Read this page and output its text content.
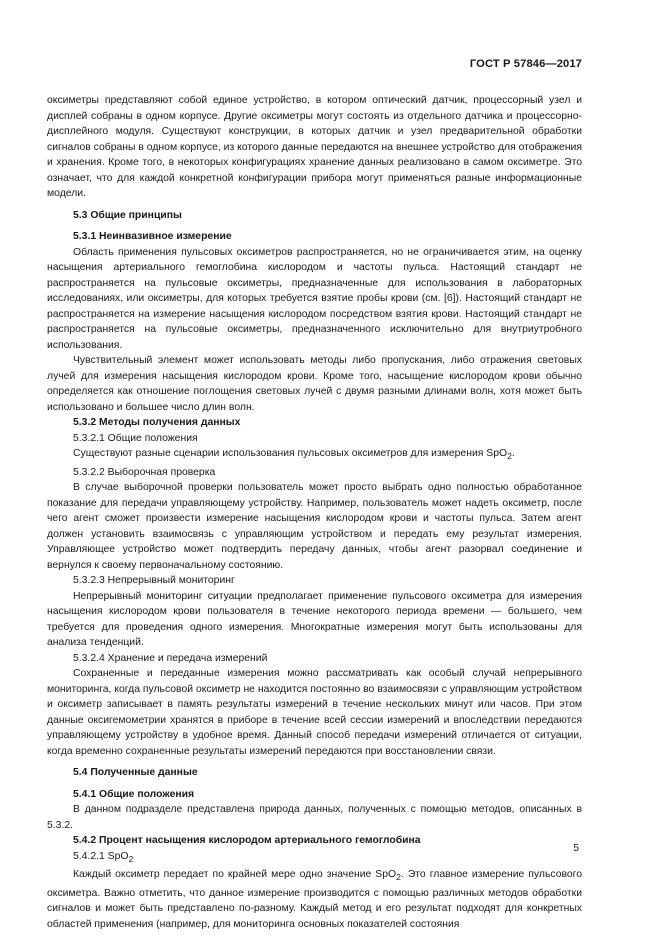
ГОСТ Р 57846—2017

оксиметры представляют собой единое устройство, в котором оптический датчик, процессорный узел и дисплей собраны в одном корпусе. Другие оксиметры могут состоять из отдельного датчика и процессорно-дисплейного модуля. Существуют конструкции, в которых датчик и узел предварительной обработки сигналов собраны в одном корпусе, из которого данные передаются на внешнее устройство для отображения и хранения. Кроме того, в некоторых конфигурациях хранение данных реализовано в самом оксиметре. Это означает, что для каждой конкретной конфигурации прибора могут применяться разные информационные модели.

5.3 Общие принципы

5.3.1 Неинвазивное измерение

Область применения пульсовых оксиметров распространяется, но не ограничивается этим, на оценку насыщения артериального гемоглобина кислородом и частоты пульса. Настоящий стандарт не распространяется на пульсовые оксиметры, предназначенные для использования в лабораторных исследованиях, или оксиметры, для которых требуется взятие пробы крови (см. [6]). Настоящий стандарт не распространяется на измерение насыщения кислородом посредством взятия крови. Настоящий стандарт не распространяется на пульсовые оксиметры, предназначенного исключительно для внутриутробного использования.

Чувствительный элемент может использовать методы либо пропускания, либо отражения световых лучей для измерения насыщения кислородом крови. Кроме того, насыщение кислородом крови обычно определяется как отношение поглощения световых лучей с двумя разными длинами волн, хотя может быть использовано и большее число длин волн.

5.3.2 Методы получения данных

5.3.2.1 Общие положения

Существуют разные сценарии использования пульсовых оксиметров для измерения SpO$_2$.

5.3.2.2 Выборочная проверка

В случае выборочной проверки пользователь может просто выбрать одно полностью обработанное показание для передачи управляющему устройству. Например, пользователь может надеть оксиметр, после чего агент сможет произвести измерение насыщения кислородом крови и частоты пульса. Затем агент должен установить взаимосвязь с управляющим устройством и передать ему результат измерения. Управляющее устройство может подтвердить передачу данных, чтобы агент разорвал соединение и вернулся к своему первоначальному состоянию.

5.3.2.3 Непрерывный мониторинг

Непрерывный мониторинг ситуации предполагает применение пульсового оксиметра для измерения насыщения кислородом крови пользователя в течение некоторого периода времени — большего, чем требуется для проведения одного измерения. Многократные измерения могут быть использованы для анализа тенденций.

5.3.2.4 Хранение и передача измерений

Сохраненные и переданные измерения можно рассматривать как особый случай непрерывного мониторинга, когда пульсовой оксиметр не находится постоянно во взаимосвязи с управляющим устройством и оксиметр записывает в память результаты измерений в течение нескольких минут или часов. При этом данные оксигемометрии хранятся в приборе в течение всей сессии измерений и впоследствии передаются управляющему устройству в удобное время. Данный способ передачи измерений отличается от ситуации, когда временно сохраненные результаты измерений передаются при восстановлении связи.

5.4 Полученные данные

5.4.1 Общие положения

В данном подразделе представлена природа данных, полученных с помощью методов, описанных в 5.3.2.

5.4.2 Процент насыщения кислородом артериального гемоглобина

5.4.2.1 SpO$_2$

Каждый оксиметр передает по крайней мере одно значение SpO$_2$. Это главное измерение пульсового оксиметра. Важно отметить, что данное измерение производится с помощью различных методов обработки сигналов и может быть представлено по-разному. Каждый метод и его результат подходят для конкретных областей применения (например, для мониторинга основных показателей состояния

5
